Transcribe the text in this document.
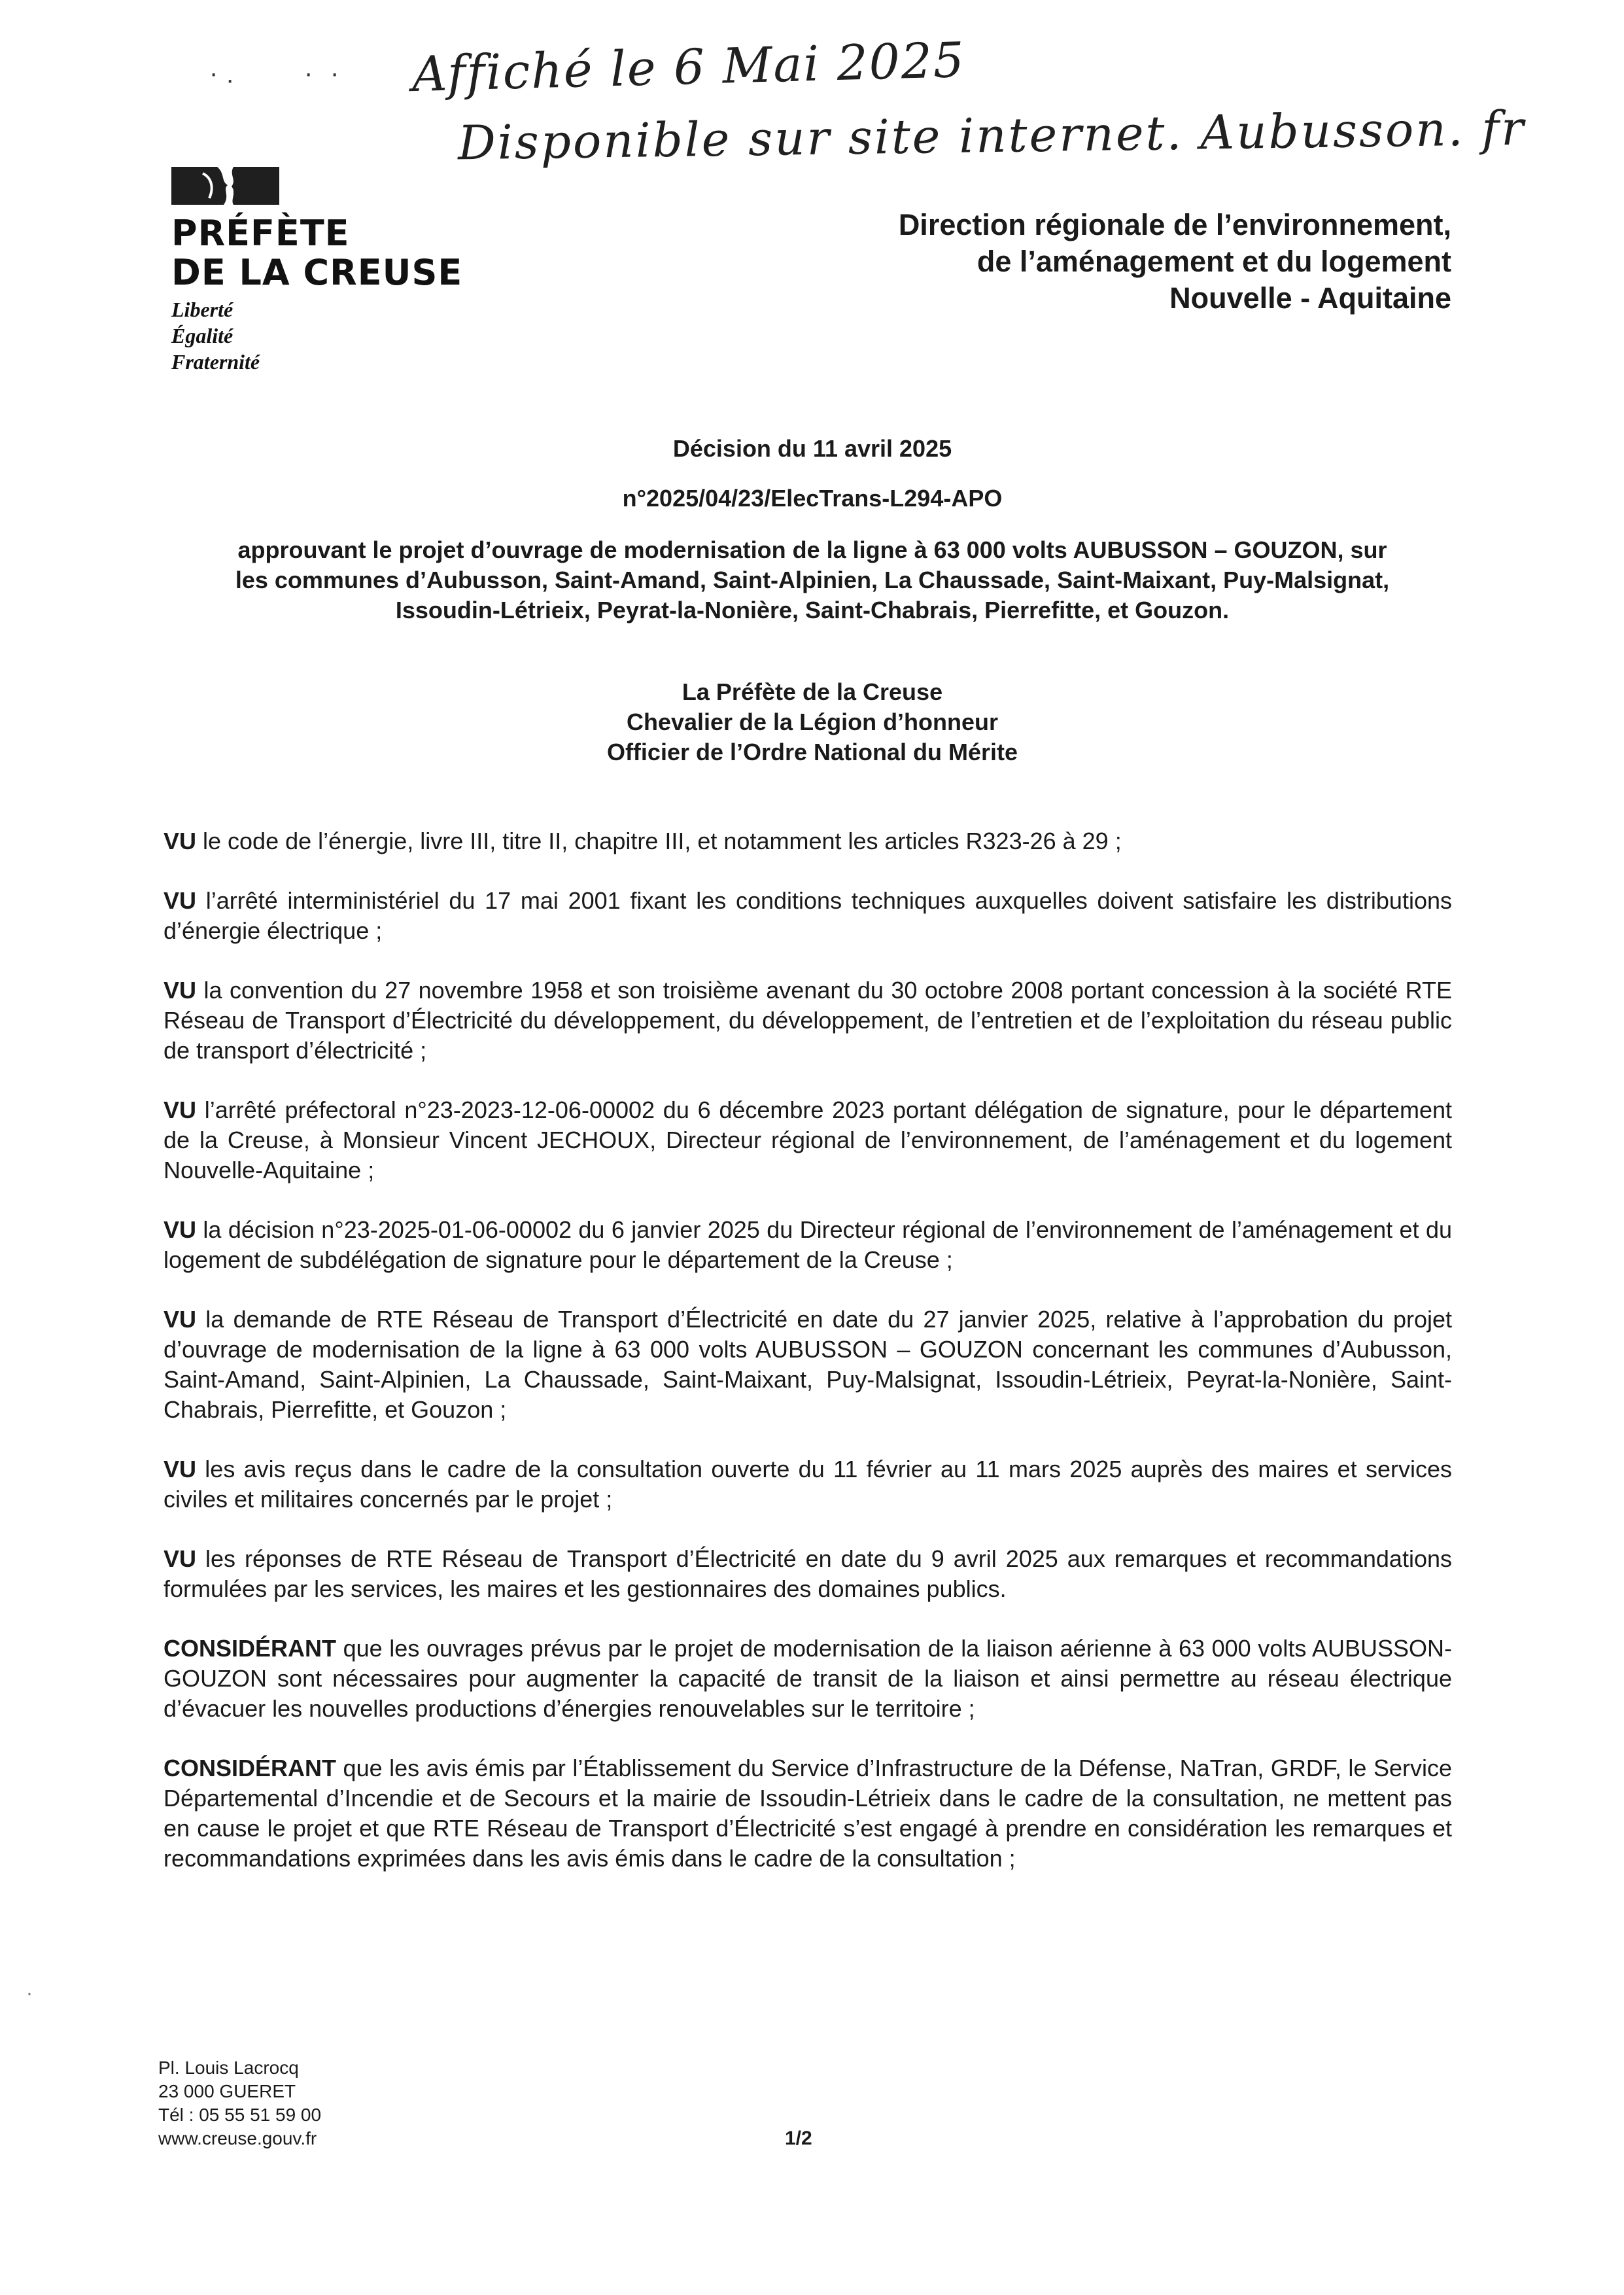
· ·	· · Affiché le 6 Mai 2025
Disponible sur site internet. Aubusson. fr
PRÉFÈTE
DE LA CREUSE
Liberté
Égalité
Fraternité
Direction régionale de l’environnement,
de l’aménagement et du logement
Nouvelle - Aquitaine
Décision du 11 avril 2025
n°2025/04/23/ElecTrans-L294-APO
approuvant le projet d’ouvrage de modernisation de la ligne à 63 000 volts AUBUSSON – GOUZON, sur
les communes d’Aubusson, Saint-Amand, Saint-Alpinien, La Chaussade, Saint-Maixant, Puy-Malsignat,
Issoudin-Létrieix, Peyrat-la-Nonière, Saint-Chabrais, Pierrefitte, et Gouzon.
La Préfète de la Creuse
Chevalier de la Légion d’honneur
Officier de l’Ordre National du Mérite

VU le code de l’énergie, livre III, titre II, chapitre III, et notamment les articles R323-26 à 29 ;

VU l’arrêté interministériel du 17 mai 2001 fixant les conditions techniques auxquelles doivent satisfaire les distributions d’énergie électrique ;

VU la convention du 27 novembre 1958 et son troisième avenant du 30 octobre 2008 portant concession à la société RTE Réseau de Transport d’Électricité du développement, du développement, de l’entretien et de l’exploitation du réseau public de transport d’électricité ;

VU l’arrêté préfectoral n°23-2023-12-06-00002 du 6 décembre 2023 portant délégation de signature, pour le département de la Creuse, à Monsieur Vincent JECHOUX, Directeur régional de l’environnement, de l’aménagement et du logement Nouvelle-Aquitaine ;

VU la décision n°23-2025-01-06-00002 du 6 janvier 2025 du Directeur régional de l’environnement de l’aménagement et du logement de subdélégation de signature pour le département de la Creuse ;

VU la demande de RTE Réseau de Transport d’Électricité en date du 27 janvier 2025, relative à l’approbation du projet d’ouvrage de modernisation de la ligne à 63 000 volts AUBUSSON – GOUZON concernant les communes d’Aubusson, Saint-Amand, Saint-Alpinien, La Chaussade, Saint-Maixant, Puy-Malsignat, Issoudin-Létrieix, Peyrat-la-Nonière, Saint-Chabrais, Pierrefitte, et Gouzon ;

VU les avis reçus dans le cadre de la consultation ouverte du 11 février au 11 mars 2025 auprès des maires et services civiles et militaires concernés par le projet ;

VU les réponses de RTE Réseau de Transport d’Électricité en date du 9 avril 2025 aux remarques et recommandations formulées par les services, les maires et les gestionnaires des domaines publics.

CONSIDÉRANT que les ouvrages prévus par le projet de modernisation de la liaison aérienne à 63 000 volts AUBUSSON-GOUZON sont nécessaires pour augmenter la capacité de transit de la liaison et ainsi permettre au réseau électrique d’évacuer les nouvelles productions d’énergies renouvelables sur le territoire ;

CONSIDÉRANT que les avis émis par l’Établissement du Service d’Infrastructure de la Défense, NaTran, GRDF, le Service Départemental d’Incendie et de Secours et la mairie de Issoudin-Létrieix dans le cadre de la consultation, ne mettent pas en cause le projet et que RTE Réseau de Transport d’Électricité s’est engagé à prendre en considération les remarques et recommandations exprimées dans les avis émis dans le cadre de la consultation ;

·
Pl. Louis Lacrocq
23 000 GUERET
Tél : 05 55 51 59 00
www.creuse.gouv.fr	1/2
